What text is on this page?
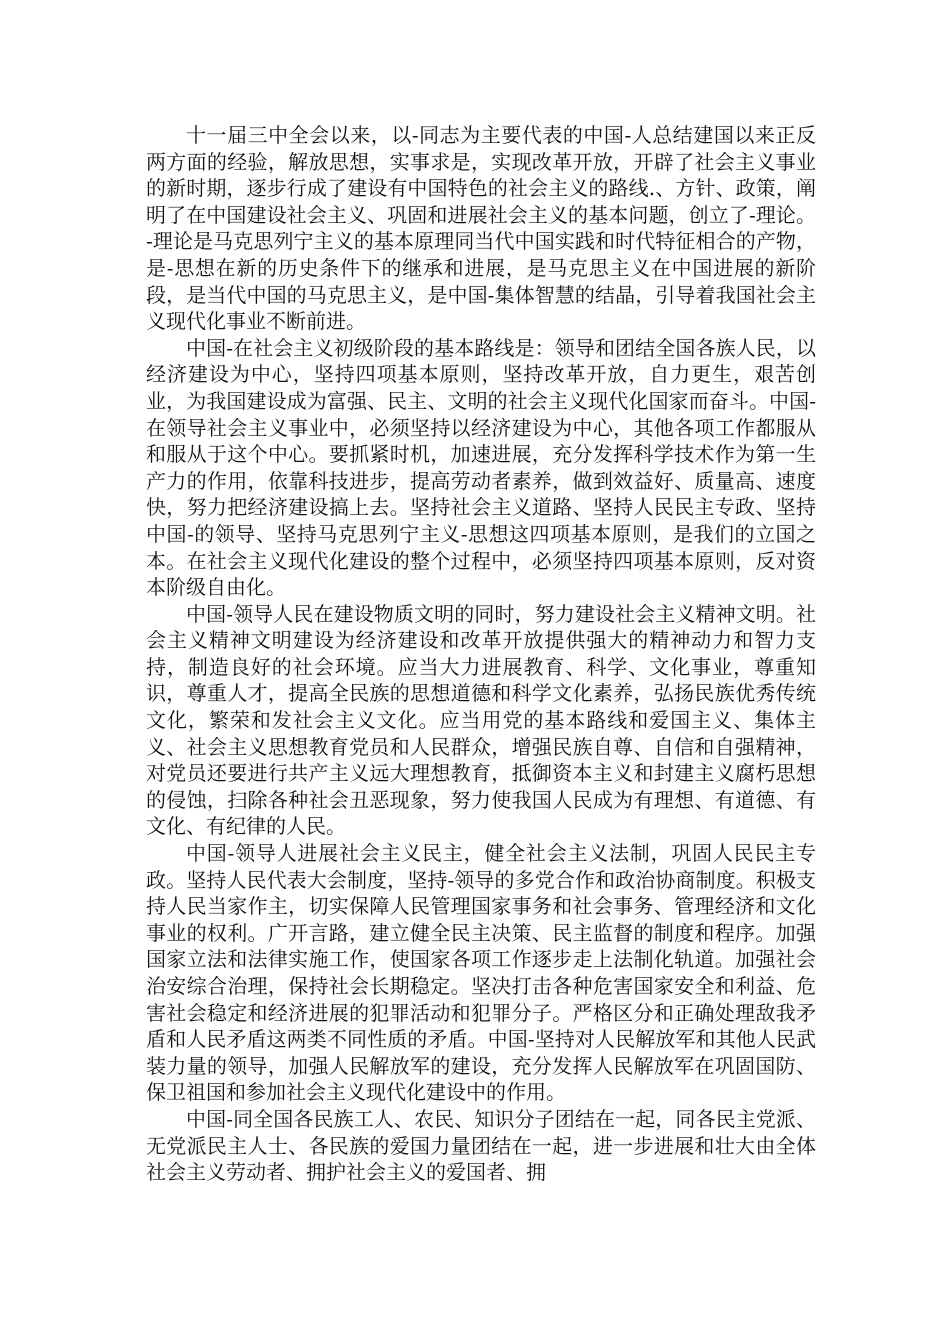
十一届三中全会以来，以-同志为主要代表的中国-人总结建国以来正反两方面的经验，解放思想，实事求是，实现改革开放，开辟了社会主义事业的新时期，逐步行成了建设有中国特色的社会主义的路线.、方针、政策，阐明了在中国建设社会主义、巩固和进展社会主义的基本问题，创立了-理论。-理论是马克思列宁主义的基本原理同当代中国实践和时代特征相合的产物，是-思想在新的历史条件下的继承和进展，是马克思主义在中国进展的新阶段，是当代中国的马克思主义，是中国-集体智慧的结晶，引导着我国社会主义现代化事业不断前进。

中国-在社会主义初级阶段的基本路线是：领导和团结全国各族人民，以经济建设为中心，坚持四项基本原则，坚持改革开放，自力更生，艰苦创业，为我国建设成为富强、民主、文明的社会主义现代化国家而奋斗。中国-在领导社会主义事业中，必须坚持以经济建设为中心，其他各项工作都服从和服从于这个中心。要抓紧时机，加速进展，充分发挥科学技术作为第一生产力的作用，依靠科技进步，提高劳动者素养，做到效益好、质量高、速度快，努力把经济建设搞上去。坚持社会主义道路、坚持人民民主专政、坚持中国-的领导、坚持马克思列宁主义-思想这四项基本原则，是我们的立国之本。在社会主义现代化建设的整个过程中，必须坚持四项基本原则，反对资本阶级自由化。

中国-领导人民在建设物质文明的同时，努力建设社会主义精神文明。社会主义精神文明建设为经济建设和改革开放提供强大的精神动力和智力支持，制造良好的社会环境。应当大力进展教育、科学、文化事业，尊重知识，尊重人才，提高全民族的思想道德和科学文化素养，弘扬民族优秀传统文化，繁荣和发社会主义文化。应当用党的基本路线和爱国主义、集体主义、社会主义思想教育党员和人民群众，增强民族自尊、自信和自强精神，对党员还要进行共产主义远大理想教育，抵御资本主义和封建主义腐朽思想的侵蚀，扫除各种社会丑恶现象，努力使我国人民成为有理想、有道德、有文化、有纪律的人民。

中国-领导人进展社会主义民主，健全社会主义法制，巩固人民民主专政。坚持人民代表大会制度，坚持-领导的多党合作和政治协商制度。积极支持人民当家作主，切实保障人民管理国家事务和社会事务、管理经济和文化事业的权利。广开言路，建立健全民主决策、民主监督的制度和程序。加强国家立法和法律实施工作，使国家各项工作逐步走上法制化轨道。加强社会治安综合治理，保持社会长期稳定。坚决打击各种危害国家安全和利益、危害社会稳定和经济进展的犯罪活动和犯罪分子。严格区分和正确处理敌我矛盾和人民矛盾这两类不同性质的矛盾。中国-坚持对人民解放军和其他人民武装力量的领导，加强人民解放军的建设，充分发挥人民解放军在巩固国防、保卫祖国和参加社会主义现代化建设中的作用。

中国-同全国各民族工人、农民、知识分子团结在一起，同各民主党派、无党派民主人士、各民族的爱国力量团结在一起，进一步进展和壮大由全体社会主义劳动者、拥护社会主义的爱国者、拥
